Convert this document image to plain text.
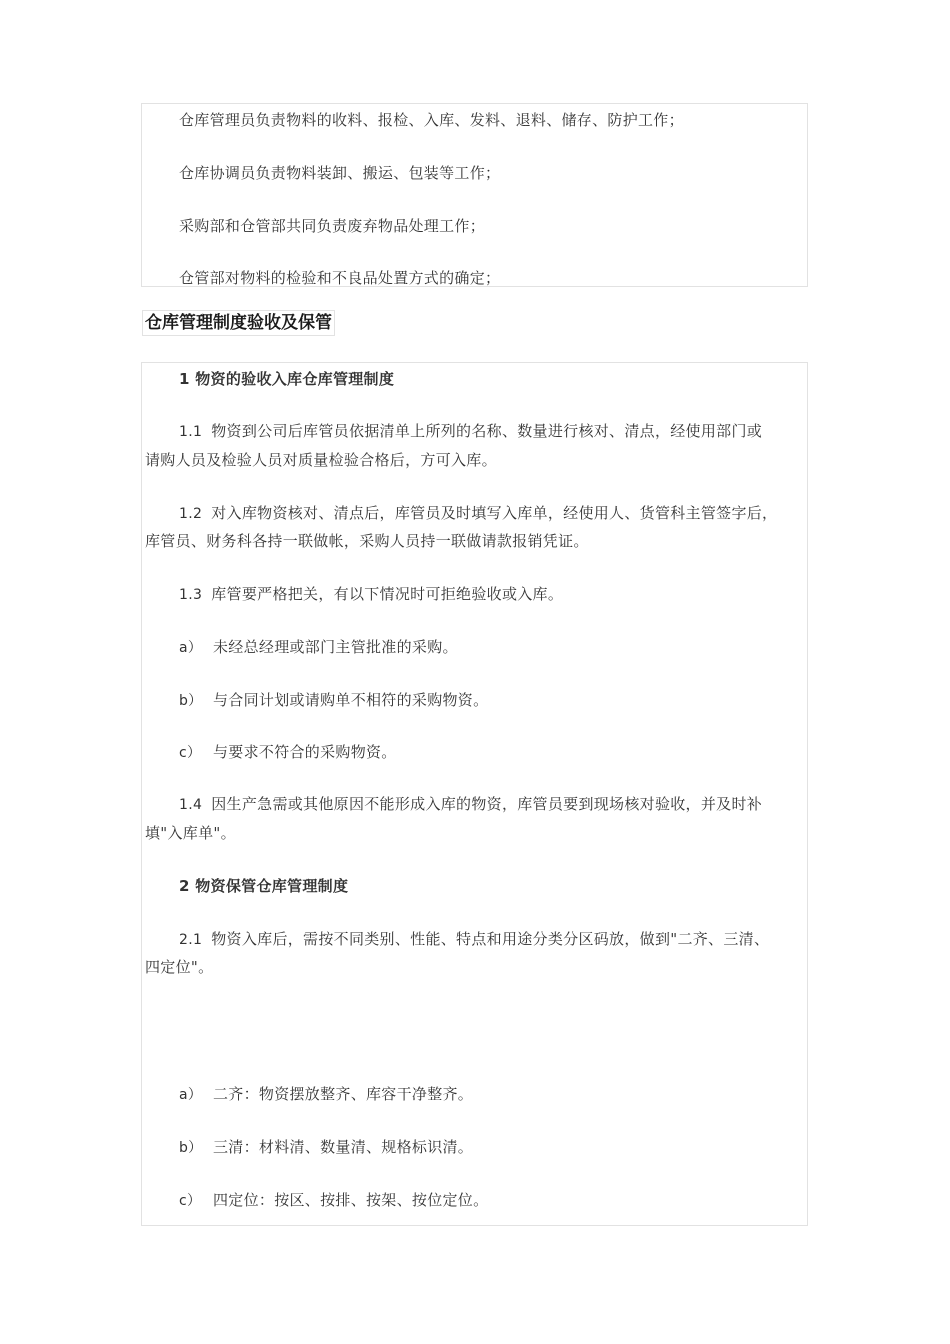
仓库管理员负责物料的收料、报检、入库、发料、退料、储存、防护工作；
仓库协调员负责物料装卸、搬运、包装等工作；
采购部和仓管部共同负责废弃物品处理工作；
仓管部对物料的检验和不良品处置方式的确定；
仓库管理制度验收及保管
1 物资的验收入库仓库管理制度
1.1 物资到公司后库管员依据清单上所列的名称、数量进行核对、清点，经使用部门或
请购人员及检验人员对质量检验合格后，方可入库。
1.2 对入库物资核对、清点后，库管员及时填写入库单，经使用人、货管科主管签字后，
库管员、财务科各持一联做帐，采购人员持一联做请款报销凭证。
1.3 库管要严格把关，有以下情况时可拒绝验收或入库。
a） 未经总经理或部门主管批准的采购。
b） 与合同计划或请购单不相符的采购物资。
c） 与要求不符合的采购物资。
1.4 因生产急需或其他原因不能形成入库的物资，库管员要到现场核对验收，并及时补
填"入库单"。
2 物资保管仓库管理制度
2.1 物资入库后，需按不同类别、性能、特点和用途分类分区码放，做到"二齐、三清、
四定位"。
a） 二齐：物资摆放整齐、库容干净整齐。
b） 三清：材料清、数量清、规格标识清。
c） 四定位：按区、按排、按架、按位定位。
